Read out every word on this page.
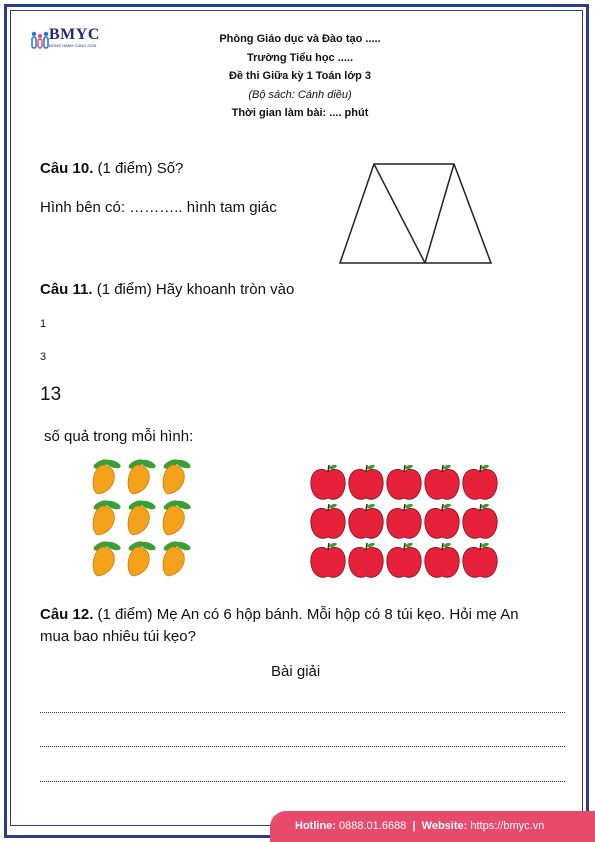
BMYC
ĐỒNG HÀNH CÙNG CON
Phòng Giáo dục và Đào tạo .....
Trường Tiểu học .....
Đề thi Giữa kỳ 1 Toán lớp 3
(Bộ sách: Cánh diều)
Thời gian làm bài: .... phút
Câu 10. (1 điểm) Số?
Hình bên có: ……….. hình tam giác
Câu 11. (1 điểm) Hãy khoanh tròn vào
1
3
13
số quả trong mỗi hình:
Câu 12. (1 điểm) Mẹ An có 6 hộp bánh. Mỗi hộp có 8 túi kẹo. Hỏi mẹ An
mua bao nhiêu túi kẹo?
Bài giải
Hotline: 0888.01.6688 | Website: https://bmyc.vn
